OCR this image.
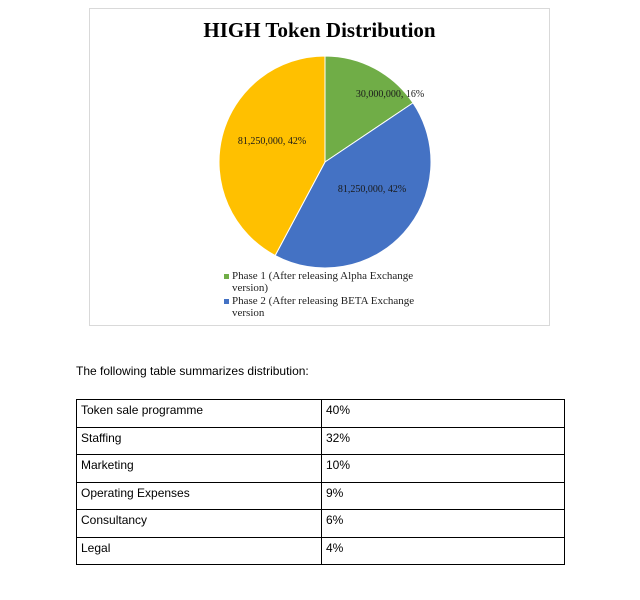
HIGH Token Distribution
30,000,000, 16%
81,250,000, 42%
81,250,000, 42%
Phase 1 (After releasing Alpha Exchange version)
Phase 2 (After releasing BETA Exchange version
The following table summarizes distribution:
Token sale programme	40%
Staffing	32%
Marketing	10%
Operating Expenses	9%
Consultancy	6%
Legal	4%
